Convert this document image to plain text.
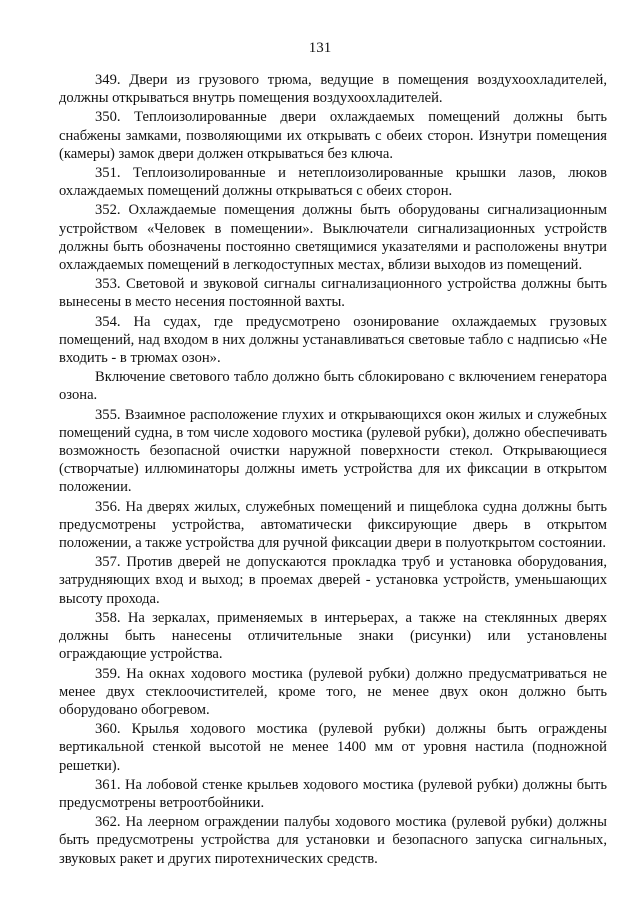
131

349. Двери из грузового трюма, ведущие в помещения воздухоохладителей, должны открываться внутрь помещения воздухоохладителей.

350. Теплоизолированные двери охлаждаемых помещений должны быть снабжены замками, позволяющими их открывать с обеих сторон. Изнутри помещения (камеры) замок двери должен открываться без ключа.

351. Теплоизолированные и нетеплоизолированные крышки лазов, люков охлаждаемых помещений должны открываться с обеих сторон.

352. Охлаждаемые помещения должны быть оборудованы сигнализационным устройством «Человек в помещении». Выключатели сигнализационных устройств должны быть обозначены постоянно светящимися указателями и расположены внутри охлаждаемых помещений в легкодоступных местах, вблизи выходов из помещений.

353. Световой и звуковой сигналы сигнализационного устройства должны быть вынесены в место несения постоянной вахты.

354. На судах, где предусмотрено озонирование охлаждаемых грузовых помещений, над входом в них должны устанавливаться световые табло с надписью «Не входить - в трюмах озон».

Включение светового табло должно быть сблокировано с включением генератора озона.

355. Взаимное расположение глухих и открывающихся окон жилых и служебных помещений судна, в том числе ходового мостика (рулевой рубки), должно обеспечивать возможность безопасной очистки наружной поверхности стекол. Открывающиеся (створчатые) иллюминаторы должны иметь устройства для их фиксации в открытом положении.

356. На дверях жилых, служебных помещений и пищеблока судна должны быть предусмотрены устройства, автоматически фиксирующие дверь в открытом положении, а также устройства для ручной фиксации двери в полуоткрытом состоянии.

357. Против дверей не допускаются прокладка труб и установка оборудования, затрудняющих вход и выход; в проемах дверей - установка устройств, уменьшающих высоту прохода.

358. На зеркалах, применяемых в интерьерах, а также на стеклянных дверях должны быть нанесены отличительные знаки (рисунки) или установлены ограждающие устройства.

359. На окнах ходового мостика (рулевой рубки) должно предусматриваться не менее двух стеклоочистителей, кроме того, не менее двух окон должно быть оборудовано обогревом.

360. Крылья ходового мостика (рулевой рубки) должны быть ограждены вертикальной стенкой высотой не менее 1400 мм от уровня настила (подножной решетки).

361. На лобовой стенке крыльев ходового мостика (рулевой рубки) должны быть предусмотрены ветроотбойники.

362. На леерном ограждении палубы ходового мостика (рулевой рубки) должны быть предусмотрены устройства для установки и безопасного запуска сигнальных, звуковых ракет и других пиротехнических средств.
